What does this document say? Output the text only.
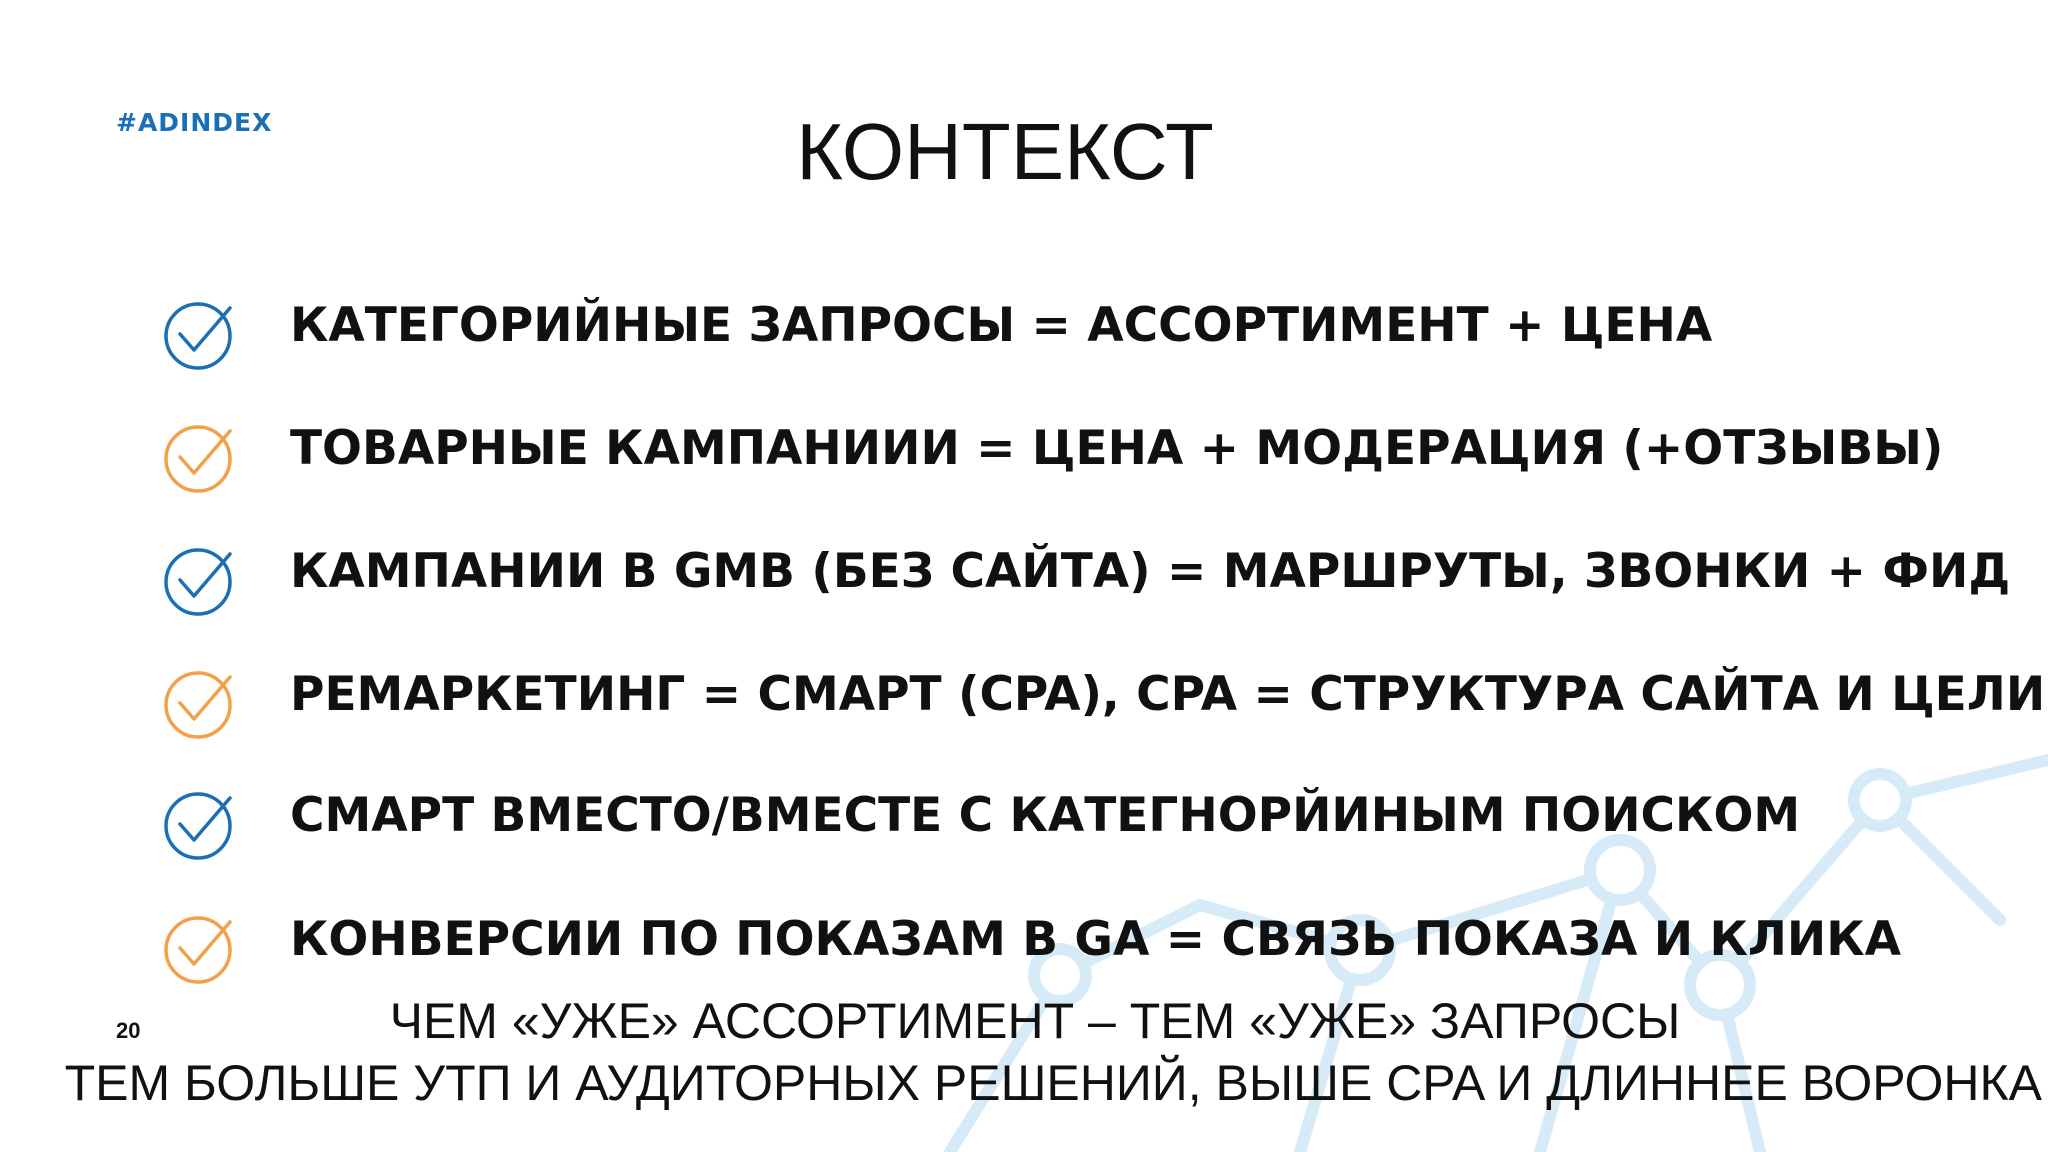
#ADINDEX	КОНТЕКСТ
КАТЕГОРИЙНЫЕ ЗАПРОСЫ = АССОРТИМЕНТ + ЦЕНА
ТОВАРНЫЕ КАМПАНИИИ = ЦЕНА + МОДЕРАЦИЯ (+ОТЗЫВЫ)
КАМПАНИИ В GMB (БЕЗ САЙТА) = МАРШРУТЫ, ЗВОНКИ + ФИД
РЕМАРКЕТИНГ = СМАРТ (CPA), CPA = СТРУКТУРА САЙТА И ЦЕЛИ
СМАРТ ВМЕСТО/ВМЕСТЕ С КАТЕГНОРЙИНЫМ ПОИСКОМ
КОНВЕРСИИ ПО ПОКАЗАМ В GA = СВЯЗЬ ПОКАЗА И КЛИКА
20	ЧЕМ «УЖЕ» АССОРТИМЕНТ – ТЕМ «УЖЕ» ЗАПРОСЫ
ТЕМ БОЛЬШЕ УТП И АУДИТОРНЫХ РЕШЕНИЙ, ВЫШЕ CPA И ДЛИННЕЕ ВОРОНКА
